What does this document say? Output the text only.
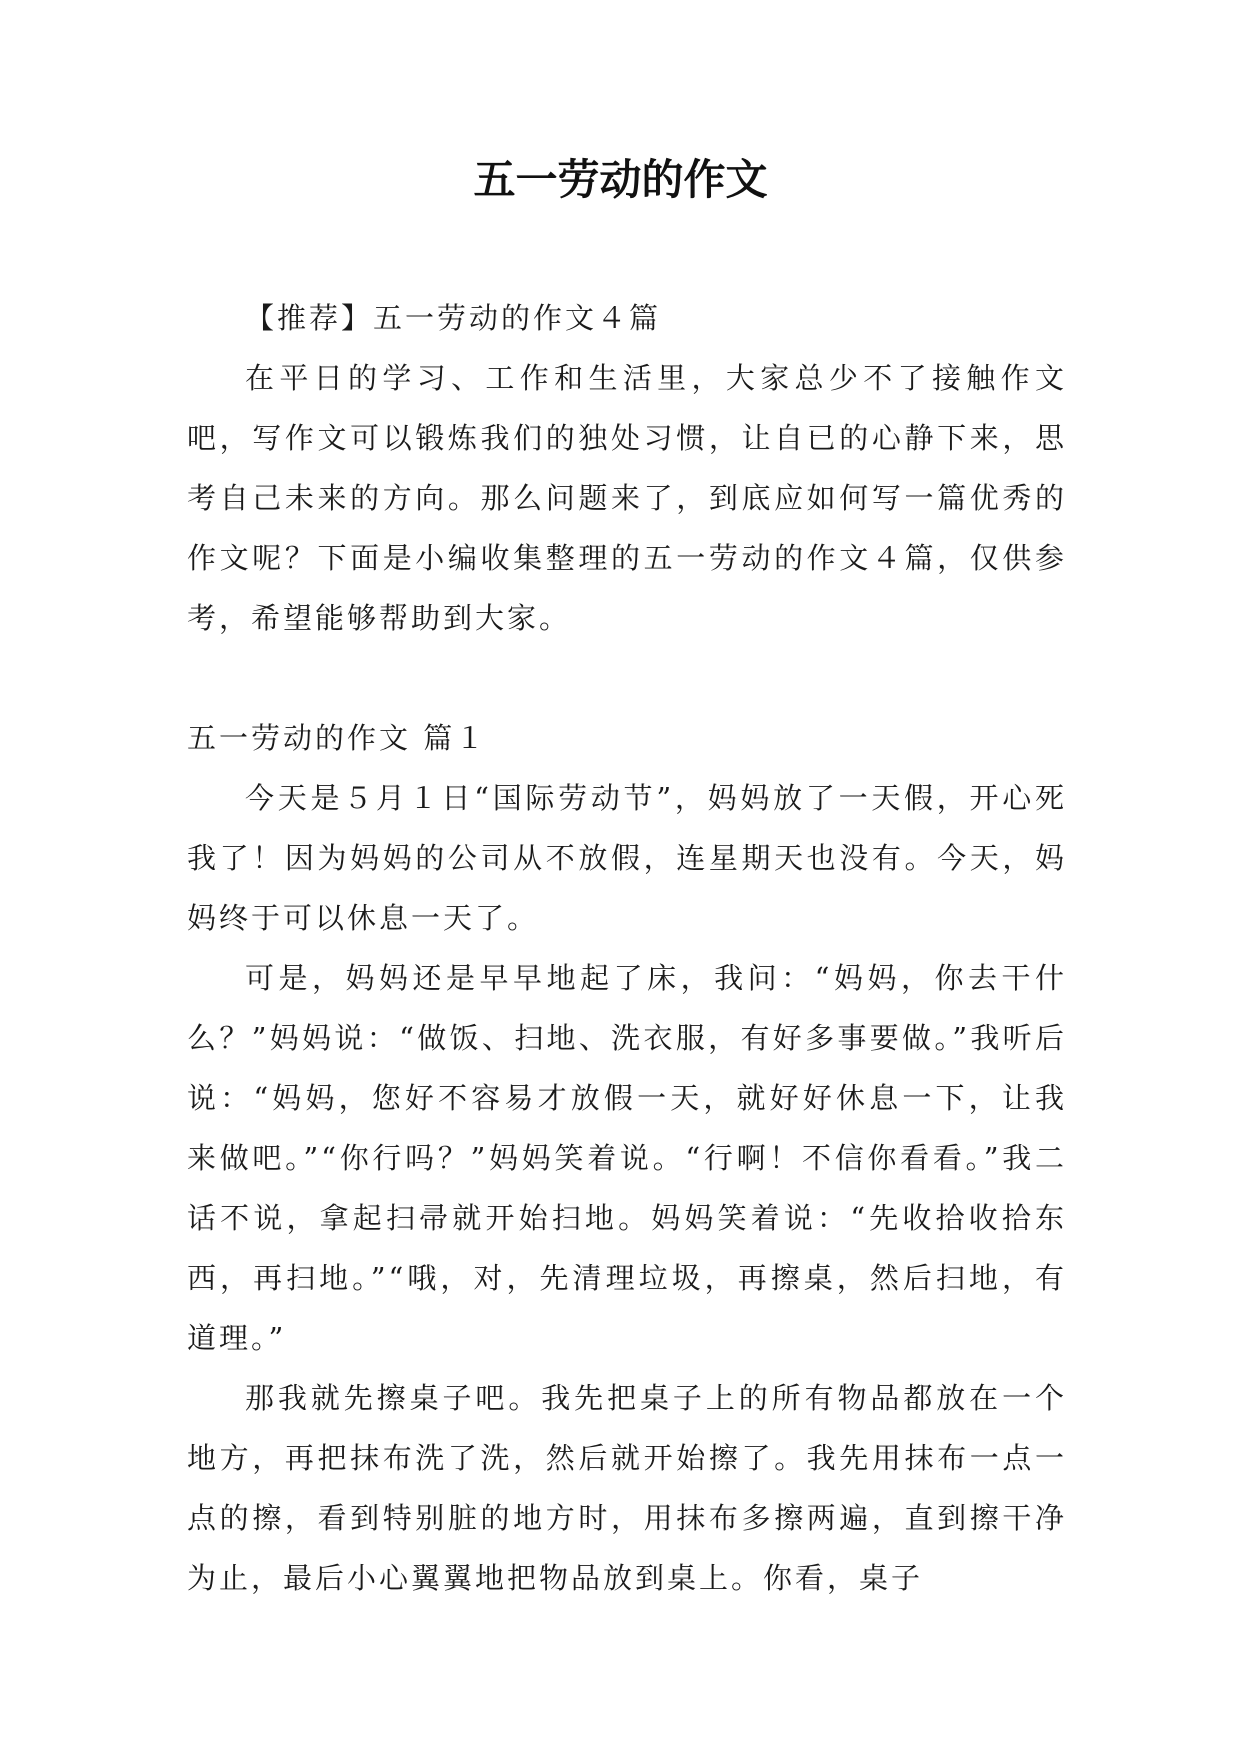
五一劳动的作文

【推荐】五一劳动的作文４篇

在平日的学习、工作和生活里，大家总少不了接触作文吧，写作文可以锻炼我们的独处习惯，让自已的心静下来，思考自己未来的方向。那么问题来了，到底应如何写一篇优秀的作文呢？下面是小编收集整理的五一劳动的作文４篇，仅供参考，希望能够帮助到大家。

五一劳动的作文 篇１

今天是５月１日“国际劳动节”，妈妈放了一天假，开心死我了！因为妈妈的公司从不放假，连星期天也没有。今天，妈妈终于可以休息一天了。

可是，妈妈还是早早地起了床，我问：“妈妈，你去干什么？”妈妈说：“做饭、扫地、洗衣服，有好多事要做。”我听后说：“妈妈，您好不容易才放假一天，就好好休息一下，让我来做吧。”“你行吗？”妈妈笑着说。“行啊！不信你看看。”我二话不说，拿起扫帚就开始扫地。妈妈笑着说：“先收拾收拾东西，再扫地。”“哦，对，先清理垃圾，再擦桌，然后扫地，有道理。”

那我就先擦桌子吧。我先把桌子上的所有物品都放在一个地方，再把抹布洗了洗，然后就开始擦了。我先用抹布一点一点的擦，看到特别脏的地方时，用抹布多擦两遍，直到擦干净为止，最后小心翼翼地把物品放到桌上。你看，桌子
